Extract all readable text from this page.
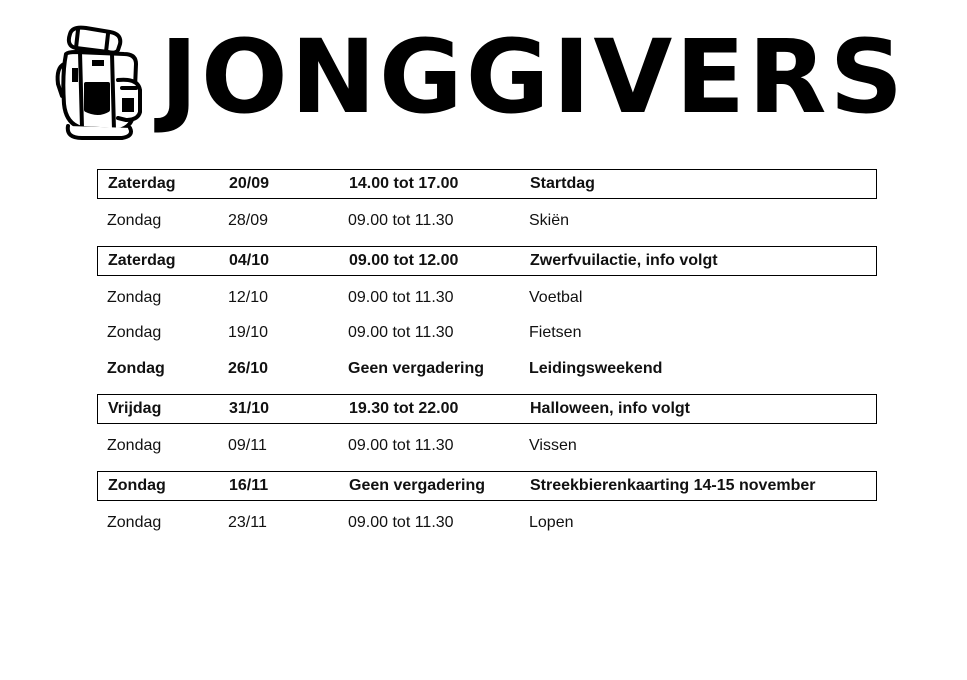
JONGGIVERS
Zaterdag	20/09	14.00 tot 17.00	Startdag
Zondag	28/09	09.00 tot 11.30	Skiën
Zaterdag	04/10	09.00 tot 12.00	Zwerfvuilactie, info volgt
Zondag	12/10	09.00 tot 11.30	Voetbal
Zondag	19/10	09.00 tot 11.30	Fietsen
Zondag	26/10	Geen vergadering	Leidingsweekend
Vrijdag	31/10	19.30 tot 22.00	Halloween, info volgt
Zondag	09/11	09.00 tot 11.30	Vissen
Zondag	16/11	Geen vergadering	Streekbierenkaarting 14-15 november
Zondag	23/11	09.00 tot 11.30	Lopen
